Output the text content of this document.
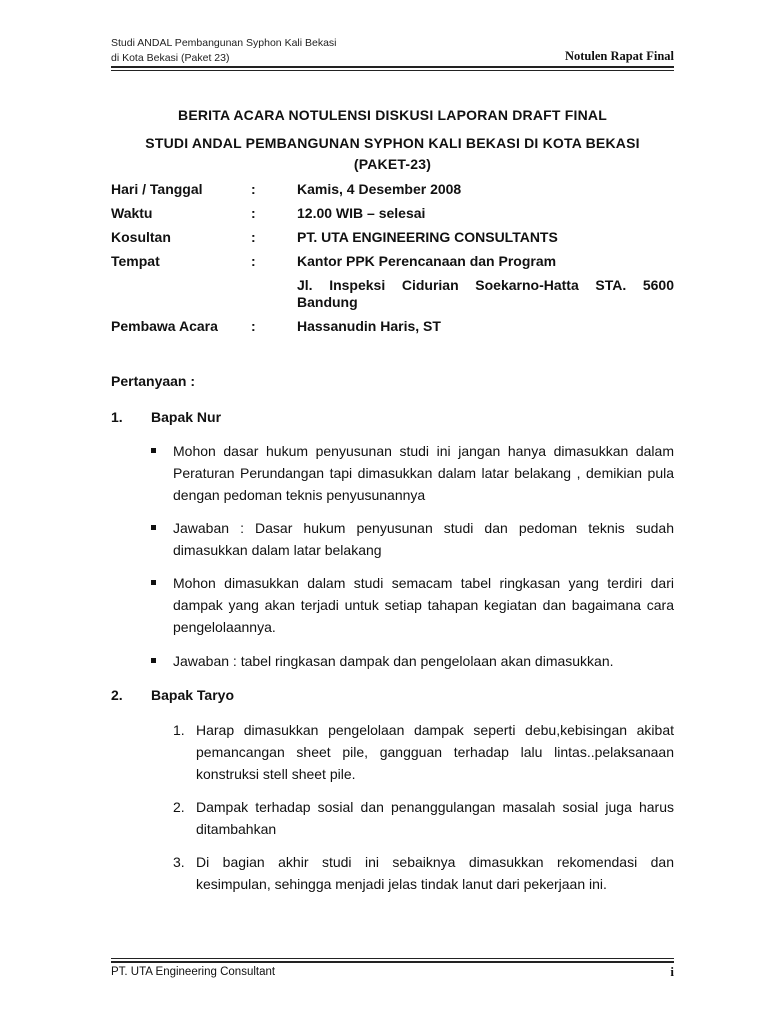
Studi ANDAL Pembangunan Syphon Kali Bekasi
di Kota Bekasi (Paket 23)	Notulen Rapat Final
BERITA ACARA NOTULENSI DISKUSI LAPORAN DRAFT FINAL
STUDI ANDAL PEMBANGUNAN SYPHON KALI BEKASI DI KOTA BEKASI
(PAKET-23)
Hari / Tanggal	:	Kamis, 4 Desember 2008
Waktu	:	12.00 WIB – selesai
Kosultan	:	PT. UTA ENGINEERING CONSULTANTS
Tempat	:	Kantor PPK Perencanaan dan Program
Jl. Inspeksi Cidurian Soekarno-Hatta STA. 5600 Bandung
Pembawa Acara :	Hassanudin Haris, ST
Pertanyaan :
1. Bapak Nur
Mohon dasar hukum penyusunan studi ini jangan hanya dimasukkan dalam Peraturan Perundangan tapi dimasukkan dalam latar belakang , demikian pula dengan pedoman teknis penyusunannya
Jawaban : Dasar hukum penyusunan studi dan pedoman teknis sudah dimasukkan dalam latar belakang
Mohon dimasukkan dalam studi semacam tabel ringkasan yang terdiri dari dampak yang akan terjadi untuk setiap tahapan kegiatan dan bagaimana cara pengelolaannya.
Jawaban : tabel ringkasan dampak dan pengelolaan akan dimasukkan.
2. Bapak Taryo
1. Harap dimasukkan pengelolaan dampak seperti debu,kebisingan akibat pemancangan sheet pile, gangguan terhadap lalu lintas..pelaksanaan konstruksi stell sheet pile.
2. Dampak terhadap sosial dan penanggulangan masalah sosial juga harus ditambahkan
3. Di bagian akhir studi ini sebaiknya dimasukkan rekomendasi dan kesimpulan, sehingga menjadi jelas tindak lanut dari pekerjaan ini.
PT. UTA Engineering Consultant	i
